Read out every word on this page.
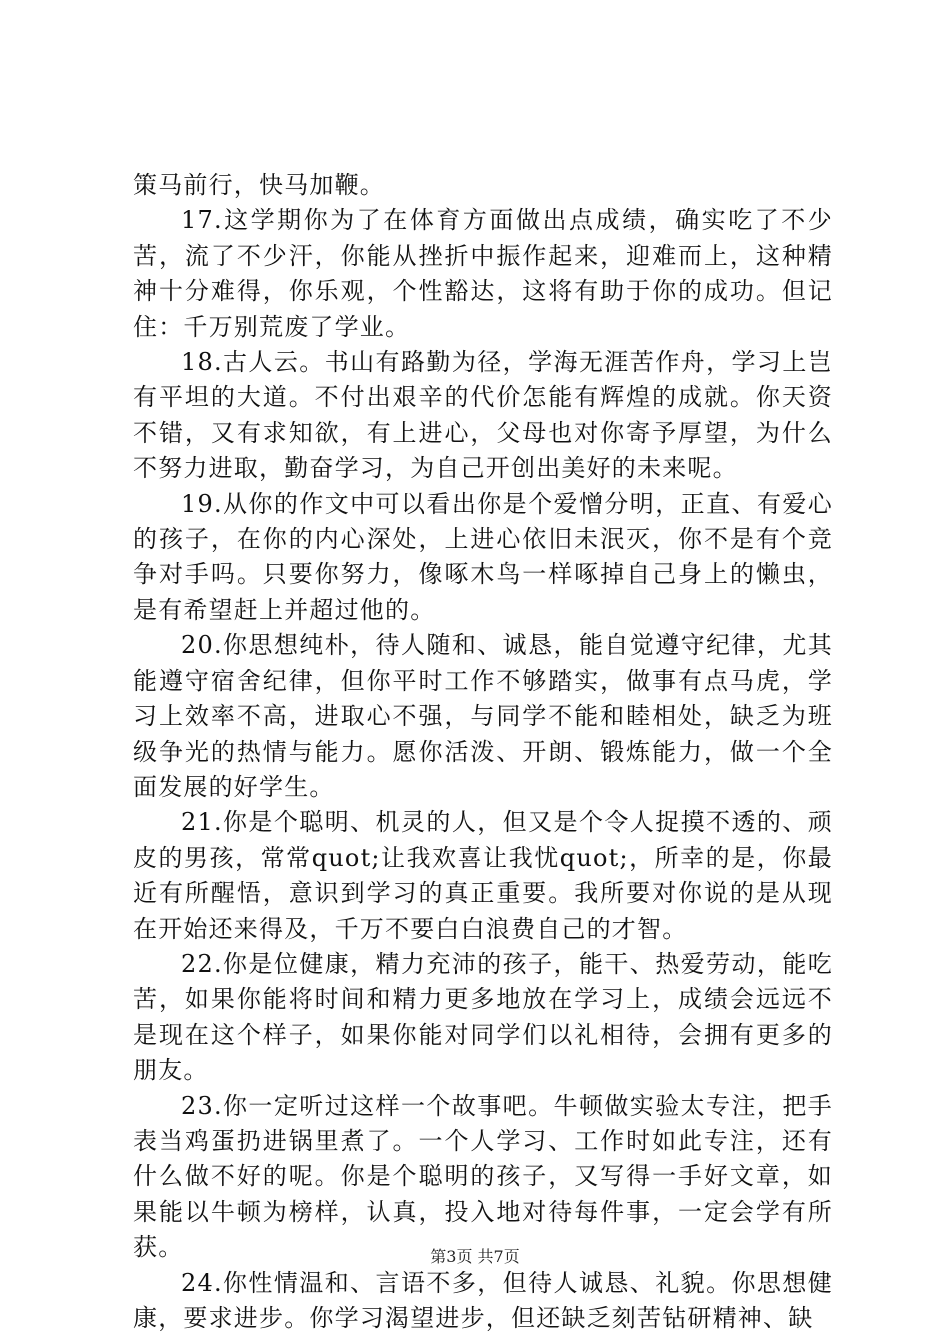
策马前行，快马加鞭。

17.这学期你为了在体育方面做出点成绩，确实吃了不少苦，流了不少汗，你能从挫折中振作起来，迎难而上，这种精神十分难得，你乐观，个性豁达，这将有助于你的成功。但记住：千万别荒废了学业。

18.古人云。书山有路勤为径，学海无涯苦作舟，学习上岂有平坦的大道。不付出艰辛的代价怎能有辉煌的成就。你天资不错，又有求知欲，有上进心，父母也对你寄予厚望，为什么不努力进取，勤奋学习，为自己开创出美好的未来呢。

19.从你的作文中可以看出你是个爱憎分明，正直、有爱心的孩子，在你的内心深处，上进心依旧未泯灭，你不是有个竞争对手吗。只要你努力，像啄木鸟一样啄掉自己身上的懒虫，是有希望赶上并超过他的。

20.你思想纯朴，待人随和、诚恳，能自觉遵守纪律，尤其能遵守宿舍纪律，但你平时工作不够踏实，做事有点马虎，学习上效率不高，进取心不强，与同学不能和睦相处，缺乏为班级争光的热情与能力。愿你活泼、开朗、锻炼能力，做一个全面发展的好学生。

21.你是个聪明、机灵的人，但又是个令人捉摸不透的、顽皮的男孩，常常quot;让我欢喜让我忧quot;，所幸的是，你最近有所醒悟，意识到学习的真正重要。我所要对你说的是从现在开始还来得及，千万不要白白浪费自己的才智。

22.你是位健康，精力充沛的孩子，能干、热爱劳动，能吃苦，如果你能将时间和精力更多地放在学习上，成绩会远远不是现在这个样子，如果你能对同学们以礼相待，会拥有更多的朋友。

23.你一定听过这样一个故事吧。牛顿做实验太专注，把手表当鸡蛋扔进锅里煮了。一个人学习、工作时如此专注，还有什么做不好的呢。你是个聪明的孩子，又写得一手好文章，如果能以牛顿为榜样，认真，投入地对待每件事，一定会学有所获。

24.你性情温和、言语不多，但待人诚恳、礼貌。你思想健康，要求进步。你学习渴望进步，但还缺乏刻苦钻研精神、缺

第3页 共7页
